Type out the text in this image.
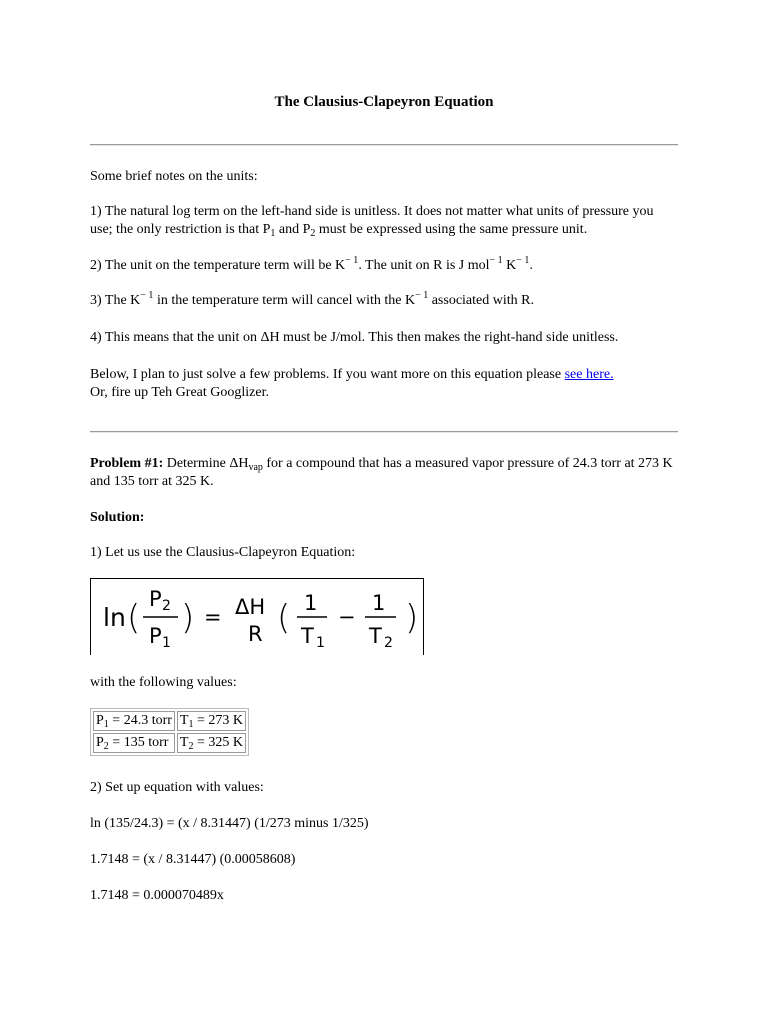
The Clausius-Clapeyron Equation

Some brief notes on the units:

1) The natural log term on the left-hand side is unitless. It does not matter what units of pressure you use; the only restriction is that $P_1$ and $P_2$ must be expressed using the same pressure unit.

2) The unit on the temperature term will be $K^{- 1}$. The unit on R is J mol$^{- 1}$ $K^{- 1}$.

3) The $K^{- 1}$ in the temperature term will cancel with the $K^{- 1}$ associated with R.

4) This means that the unit on ΔH must be J/mol. This then makes the right-hand side unitless.

Below, I plan to just solve a few problems. If you want more on this equation please see here.
Or, fire up Teh Great Googlizer.

Problem #1: Determine $\Delta H_{vap}$ for a compound that has a measured vapor pressure of 24.3 torr at 273 K and 135 torr at 325 K.

Solution:

1) Let us use the Clausius-Clapeyron Equation:

ln ( P 2
P 1
) = ΔH
R ( 1
T 1
−
1
T 2
)

with the following values:

$P_1 = 24.3$ torr	$T_1 = 273$ K
$P_2 = 135$ torr	$T_2 = 325$ K

2) Set up equation with values:

ln (135/24.3) = (x / 8.31447) (1/273 minus 1/325)

1.7148 = (x / 8.31447) (0.00058608)

1.7148 = 0.000070489x
